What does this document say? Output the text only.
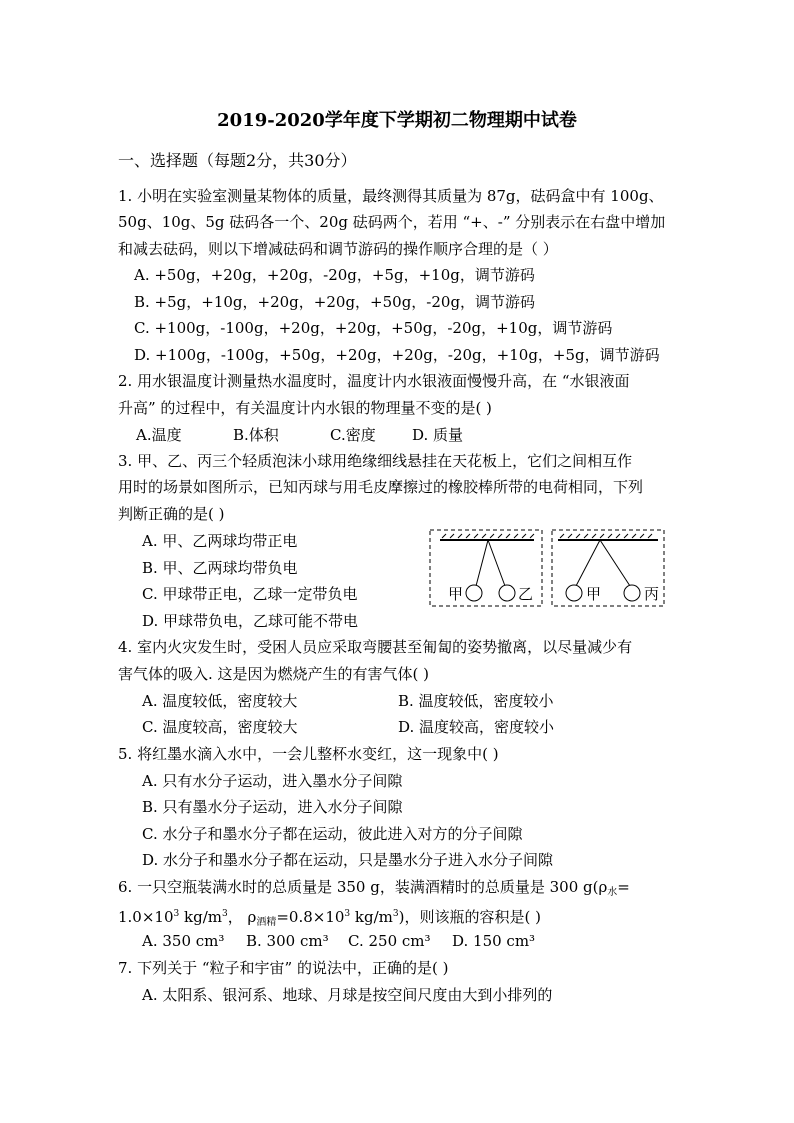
2019-2020学年度下学期初二物理期中试卷
一、选择题（每题2分，共30分）
1. 小明在实验室测量某物体的质量，最终测得其质量为 87g，砝码盒中有 100g、
50g、10g、5g 砝码各一个、20g 砝码两个，若用 “+、-” 分别表示在右盘中增加
和减去砝码，则以下增减砝码和调节游码的操作顺序合理的是（ ）
A. +50g，+20g，+20g，-20g，+5g，+10g，调节游码
B. +5g，+10g，+20g，+20g，+50g，-20g，调节游码
C. +100g，-100g，+20g，+20g，+50g，-20g，+10g，调节游码
D. +100g，-100g，+50g，+20g，+20g，-20g，+10g，+5g，调节游码
2. 用水银温度计测量热水温度时，温度计内水银液面慢慢升高，在 “水银液面
升高” 的过程中，有关温度计内水银的物理量不变的是( )
A.温度	B.体积	C.密度 D. 质量
3. 甲、乙、丙三个轻质泡沫小球用绝缘细线悬挂在天花板上，它们之间相互作
用时的场景如图所示，已知丙球与用毛皮摩擦过的橡胶棒所带的电荷相同，下列
判断正确的是( )
A. 甲、乙两球均带正电
B. 甲、乙两球均带负电
C. 甲球带正电，乙球一定带负电
D. 甲球带负电，乙球可能不带电
甲	乙	甲	丙
4. 室内火灾发生时，受困人员应采取弯腰甚至匍匐的姿势撤离，以尽量减少有
害气体的吸入. 这是因为燃烧产生的有害气体( )
A. 温度较低，密度较大	B. 温度较低，密度较小
C. 温度较高，密度较大	D. 温度较高，密度较小
5. 将红墨水滴入水中，一会儿整杯水变红，这一现象中( )
A. 只有水分子运动，进入墨水分子间隙
B. 只有墨水分子运动，进入水分子间隙
C. 水分子和墨水分子都在运动，彼此进入对方的分子间隙
D. 水分子和墨水分子都在运动，只是墨水分子进入水分子间隙
6. 一只空瓶装满水时的总质量是 350 g，装满酒精时的总质量是 300 $g(\rho_水=$
$1.0\times 10^3$ $kg/m^3$， $\rho_{酒精}=0.8\times 10^3$ $kg/m^3$)，则该瓶的容积是( )
A. 350 cm³ B. 300 cm³ C. 250 cm³ D. 150 cm³
7. 下列关于 “粒子和宇宙” 的说法中，正确的是( )
A. 太阳系、银河系、地球、月球是按空间尺度由大到小排列的
